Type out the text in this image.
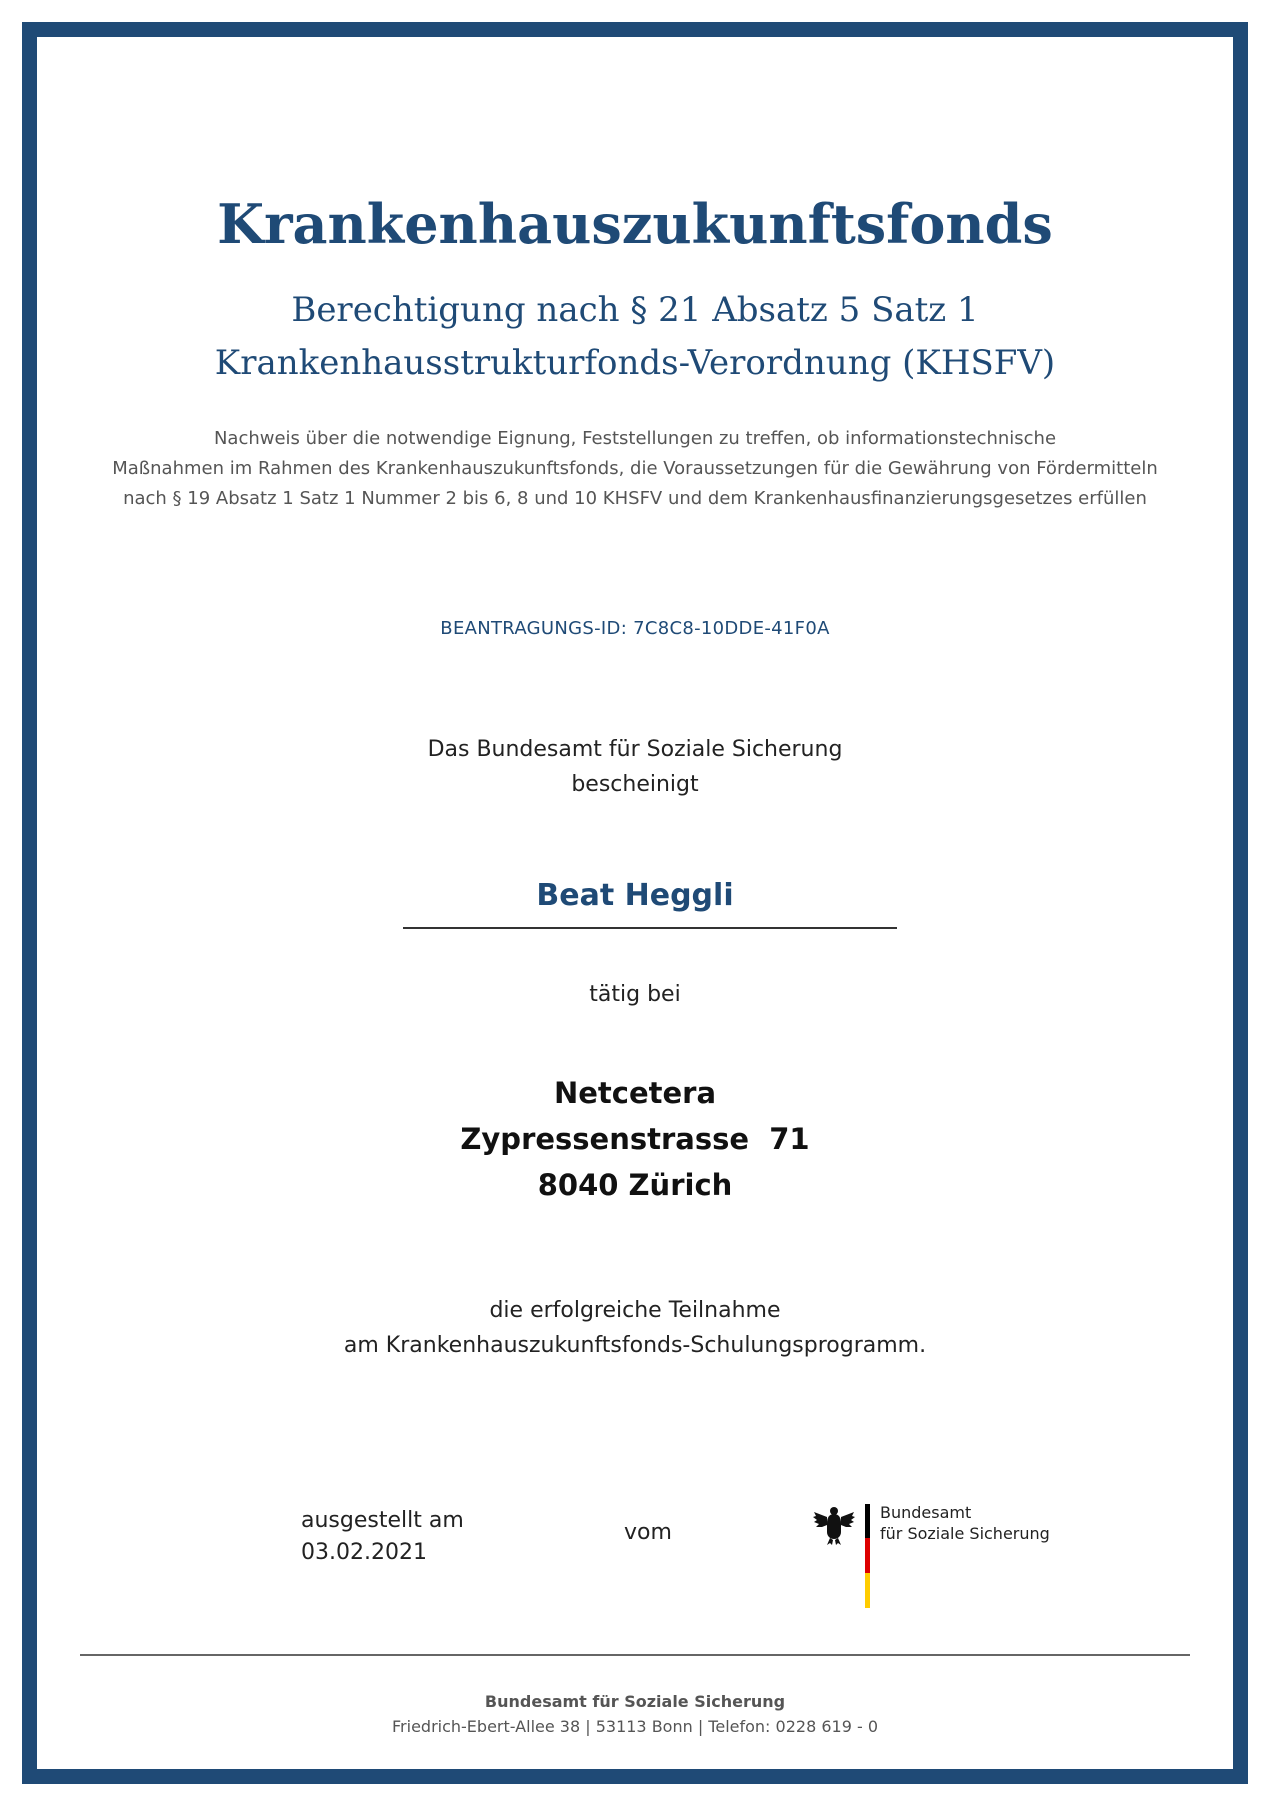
Krankenhauszukunftsfonds
Berechtigung nach § 21 Absatz 5 Satz 1
Krankenhausstrukturfonds-Verordnung (KHSFV)
Nachweis über die notwendige Eignung, Feststellungen zu treffen, ob informationstechnische
Maßnahmen im Rahmen des Krankenhauszukunftsfonds, die Voraussetzungen für die Gewährung von Fördermitteln
nach § 19 Absatz 1 Satz 1 Nummer 2 bis 6, 8 und 10 KHSFV und dem Krankenhausfinanzierungsgesetzes erfüllen
BEANTRAGUNGS-ID: 7C8C8-10DDE-41F0A
Das Bundesamt für Soziale Sicherung
bescheinigt
Beat Heggli
tätig bei
Netcetera
Zypressenstrasse  71
8040 Zürich
die erfolgreiche Teilnahme
am Krankenhauszukunftsfonds-Schulungsprogramm.
ausgestellt am
03.02.2021
vom
Bundesamt
für Soziale Sicherung
Bundesamt für Soziale Sicherung
Friedrich-Ebert-Allee 38 | 53113 Bonn | Telefon: 0228 619 - 0
